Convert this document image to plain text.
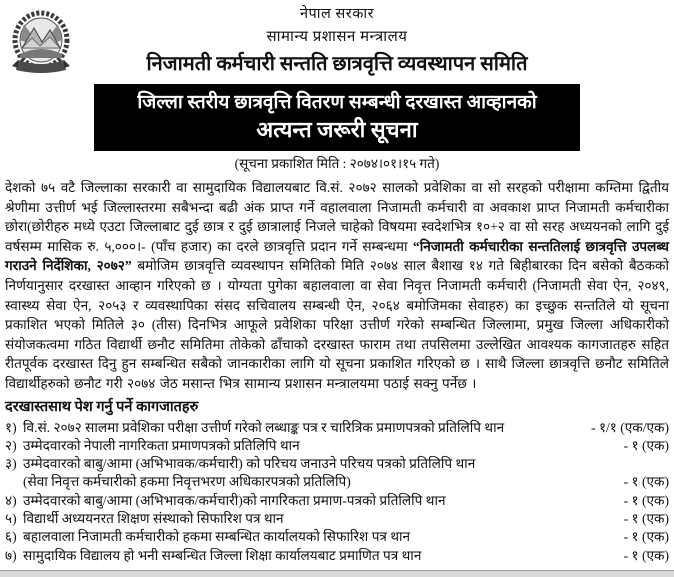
नेपाल सरकार
सामान्य प्रशासन मन्त्रालय
निजामती कर्मचारी सन्तति छात्रवृत्ति व्यवस्थापन समिति
जिल्ला स्तरीय छात्रवृत्ति वितरण सम्बन्धी दरखास्त आव्हानको
अत्यन्त जरूरी सूचना
(सूचना प्रकाशित मिति : २०७४।०१।१५ गते)

देशको ७५ वटै जिल्लाका सरकारी वा सामुदायिक विद्यालयबाट वि.सं. २०७२ सालको प्रवेशिका वा सो सरहको परीक्षामा कम्तिमा द्वितीय श्रेणीमा उत्तीर्ण भई जिल्लास्तरमा सबैभन्दा बढी अंक प्राप्त गर्ने वहालवाला निजामती कर्मचारी वा अवकाश प्राप्त निजामती कर्मचारीका छोरा(छोरीहरु मध्ये एउटा जिल्लाबाट दुई छात्र र दुई छात्रालाई निजले चाहेको विषयमा स्वदेशभित्र १०+२ वा सो सरह अध्ययनको लागि दुई वर्षसम्म मासिक रु. ५,०००।- (पाँच हजार) का दरले छात्रवृत्ति प्रदान गर्ने सम्बन्धमा “निजामती कर्मचारीका सन्ततिलाई छात्रवृत्ति उपलब्ध गराउने निर्देशिका, २०७२” बमोजिम छात्रवृत्ति व्यवस्थापन समितिको मिति २०७४ साल बैशाख १४ गते बिहीबारका दिन बसेको बैठकको निर्णयानुसार दरखास्त आव्हान गरिएको छ । योग्यता पुगेका बहालवाला वा सेवा निवृत्त निजामती कर्मचारी (निजामती सेवा ऐन, २०४९, स्वास्थ्य सेवा ऐन, २०५३ र व्यवस्थापिका संसद सचिवालय सम्बन्धी ऐन, २०६४ बमोजिमका सेवाहरु) का इच्छुक सन्ततिले यो सूचना प्रकाशित भएको मितिले ३० (तीस) दिनभित्र आफूले प्रवेशिका परिक्षा उत्तीर्ण गरेको सम्बन्धित जिल्लामा, प्रमुख जिल्ला अधिकारीको संयोजकत्वमा गठित विद्यार्थी छनौट समितिमा तोकेको ढाँचाको दरखास्त फाराम तथा तपसिलमा उल्लेखित आवश्यक कागजातहरु सहित रीतपूर्वक दरखास्त दिनु हुन सम्बन्धित सबैको जानकारीका लागि यो सूचना प्रकाशित गरिएको छ । साथै जिल्ला छात्रवृत्ति छनौट समितिले विद्यार्थीहरुको छनौट गरी २०७४ जेठ मसान्त भित्र सामान्य प्रशासन मन्त्रालयमा पठाई सक्नु पर्नेछ ।

दरखास्तसाथ पेश गर्नु पर्ने कागजातहरु
१) वि.सं. २०७२ सालमा प्रवेशिका परीक्षा उत्तीर्ण गरेको लब्धाङ्क पत्र र चारित्रिक प्रमाणपत्रको प्रतिलिपि थान	- १/१ (एक/एक)
२) उम्मेदवारको नेपाली नागरिकता प्रमाणपत्रको प्रतिलिपि थान	- १ (एक)
३) उम्मेदवारको बाबु/आमा (अभिभावक/कर्मचारी) को परिचय जनाउने परिचय पत्रको प्रतिलिपि थान
(सेवा निवृत्त कर्मचारीको हकमा निवृत्तभरण अधिकारपत्रको प्रतिलिपि)	- १ (एक)
४) उम्मेदवारको बाबु/आमा (अभिभावक/कर्मचारी)को नागरिकता प्रमाण-पत्रको प्रतिलिपि थान	- १ (एक)
५) विद्यार्थी अध्ययनरत शिक्षण संस्थाको सिफारिश पत्र थान	- १ (एक)
६) बहालवाला निजामती कर्मचारीको हकमा सम्बन्धित कार्यालयको सिफारिश पत्र थान	- १ (एक)
७) सामुदायिक विद्यालय हो भनी सम्बन्धित जिल्ला शिक्षा कार्यालयबाट प्रमाणित पत्र थान	- १ (एक)
